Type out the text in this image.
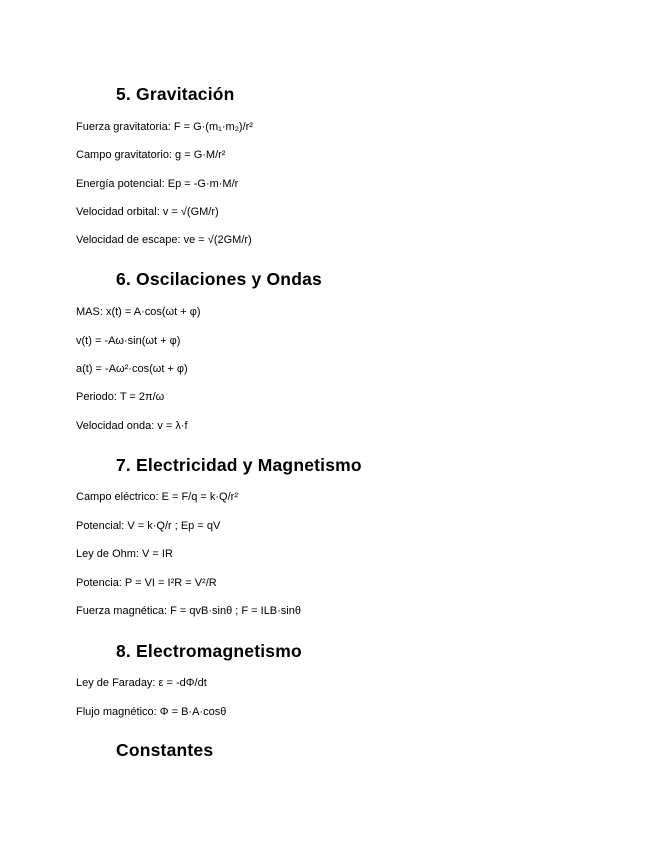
5. Gravitación

Fuerza gravitatoria: F = G·(m₁·m₂)/r²

Campo gravitatorio: g = G·M/r²

Energía potencial: Ep = -G·m·M/r

Velocidad orbital: v = √(GM/r)

Velocidad de escape: ve = √(2GM/r)

6. Oscilaciones y Ondas

MAS: x(t) = A·cos(ωt + φ)

v(t) = -Aω·sin(ωt + φ)

a(t) = -Aω²·cos(ωt + φ)

Periodo: T = 2π/ω

Velocidad onda: v = λ·f

7. Electricidad y Magnetismo

Campo eléctrico: E = F/q = k·Q/r²

Potencial: V = k·Q/r ; Ep = qV

Ley de Ohm: V = IR

Potencia: P = VI = I²R = V²/R

Fuerza magnética: F = qvB·sinθ ; F = ILB·sinθ

8. Electromagnetismo

Ley de Faraday: ε = -dΦ/dt

Flujo magnético: Φ = B·A·cosθ

Constantes
